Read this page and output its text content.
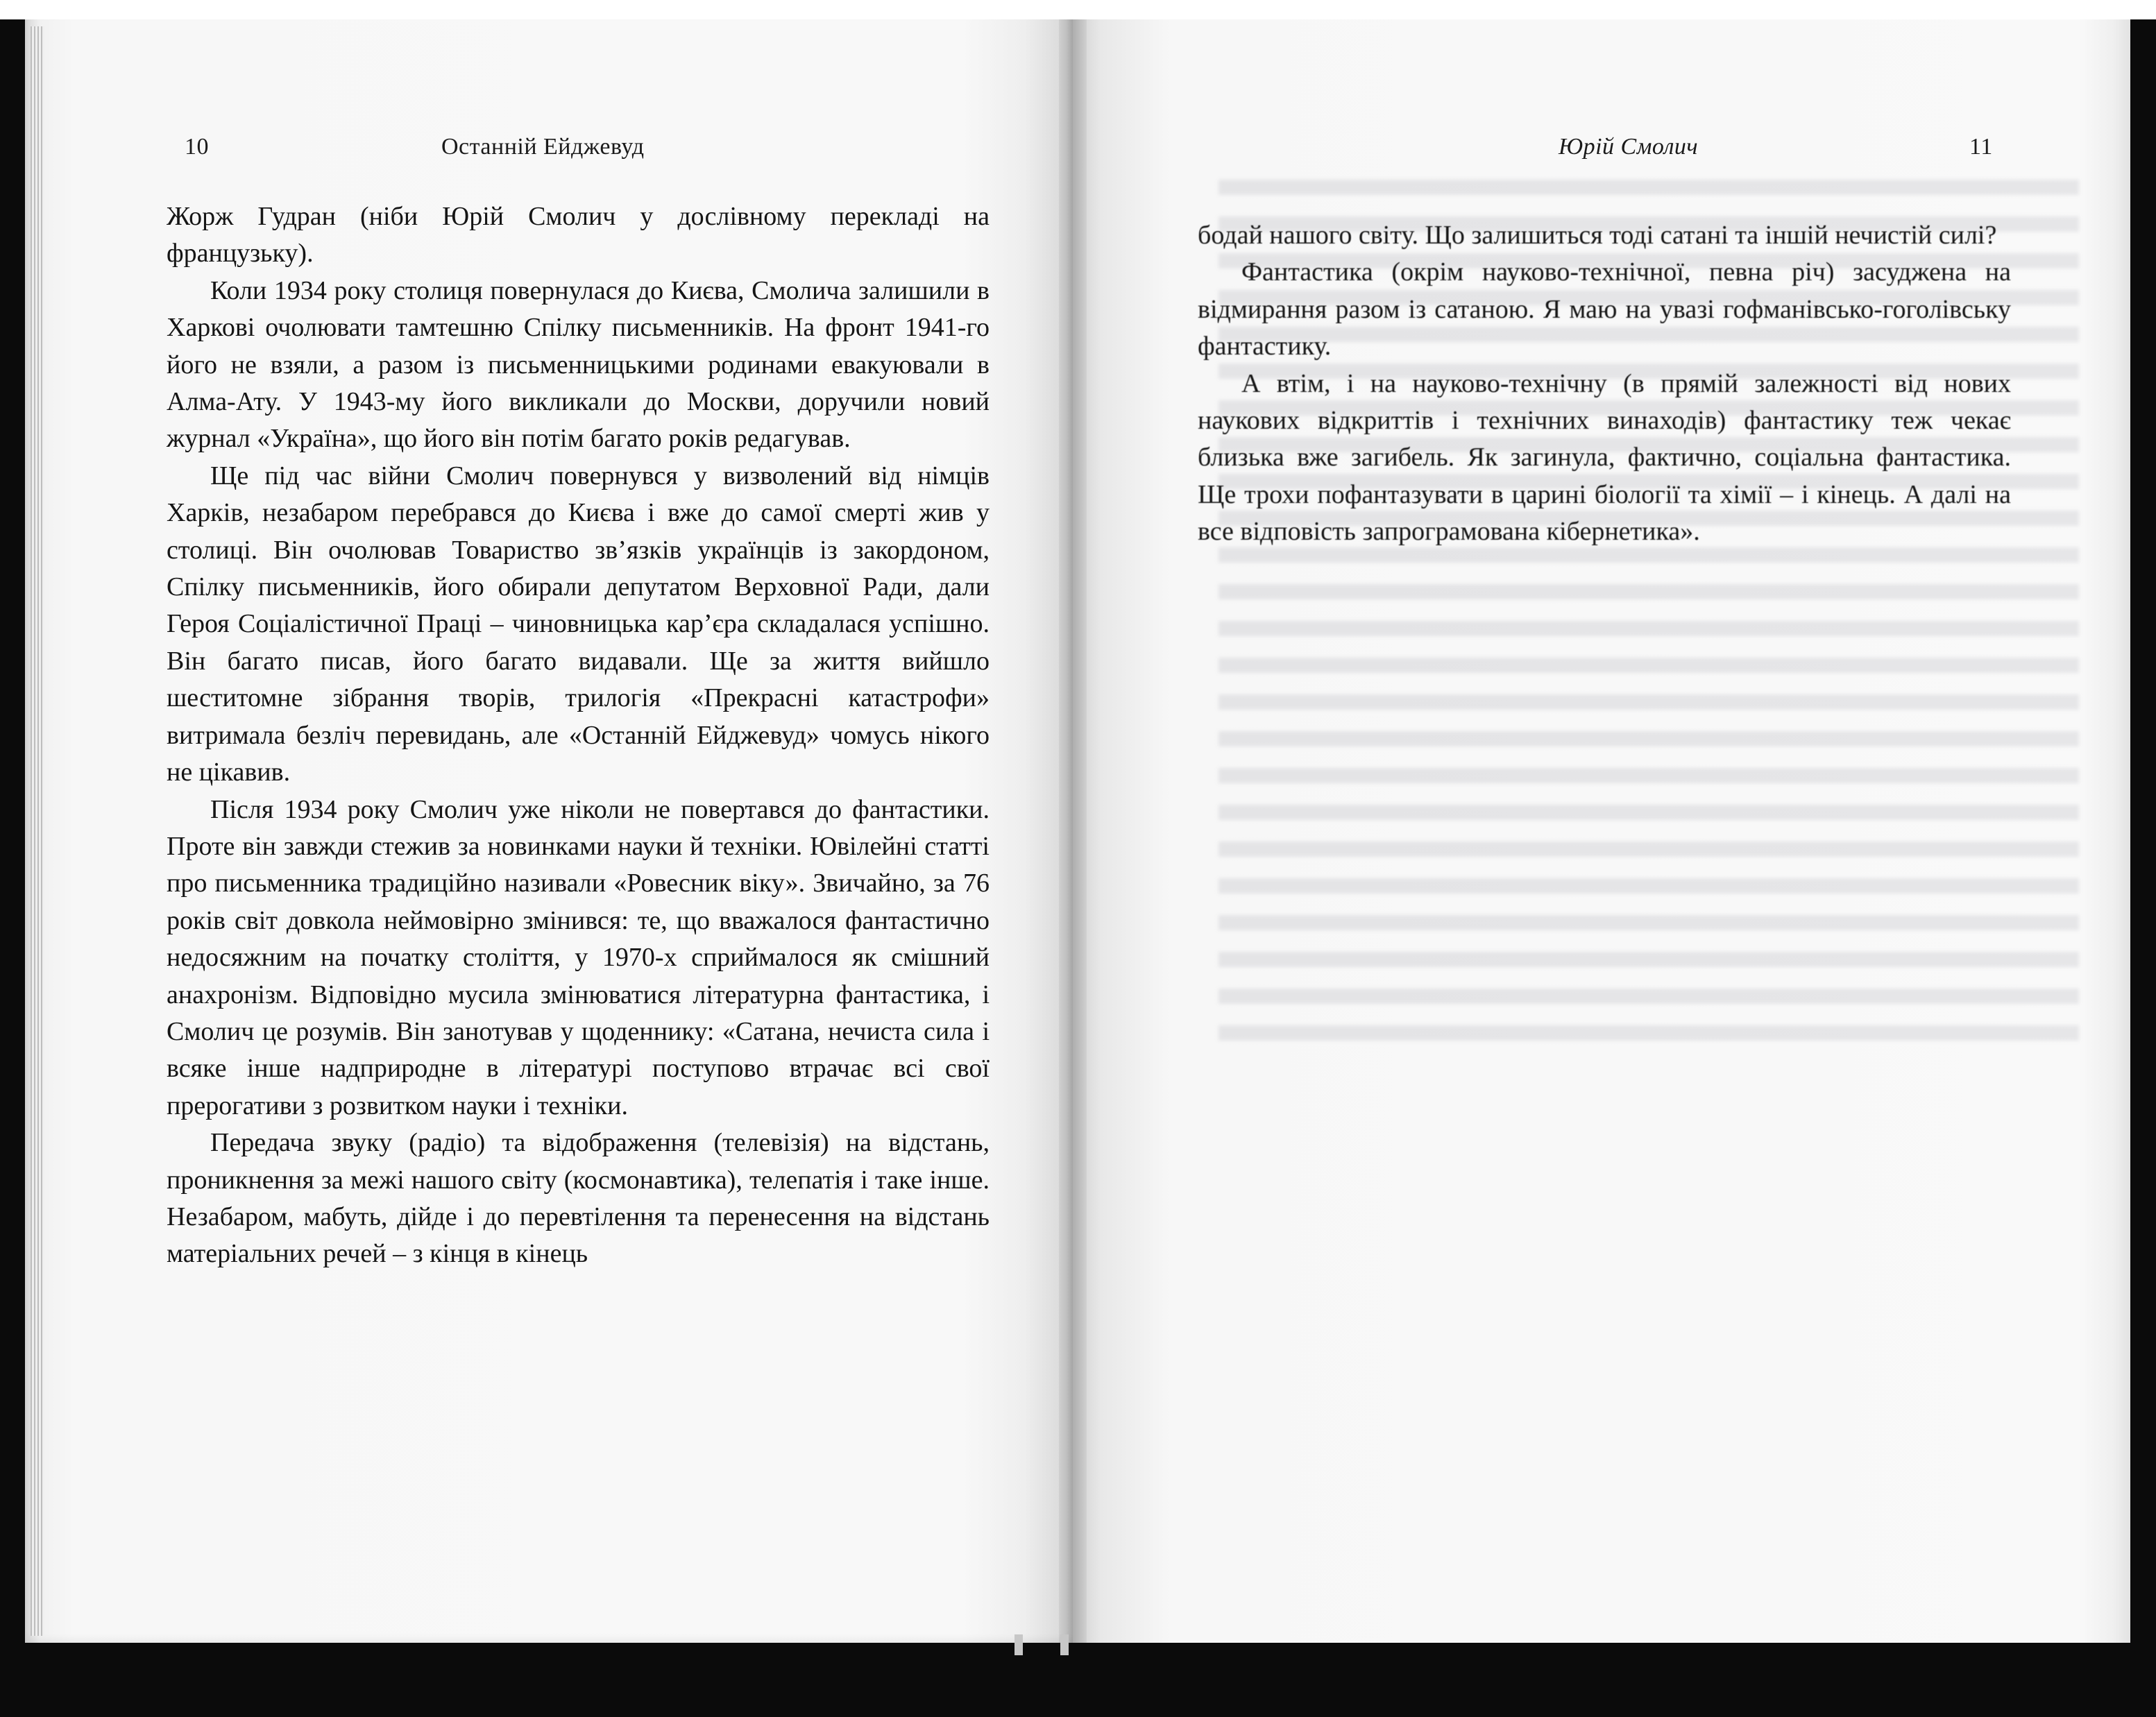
10	Останній Ейджевуд

Жорж Гудран (ніби Юрій Смолич у дослівному перекладі на французьку).

Коли 1934 року столиця повернулася до Києва, Смолича залишили в Харкові очолювати тамтешню Спілку письменників. На фронт 1941-го його не взяли, а разом із письменницькими родинами евакуювали в Алма-Ату. У 1943-му його викликали до Москви, доручили новий журнал «Україна», що його він потім багато років редагував.

Ще під час війни Смолич повернувся у визволений від німців Харків, незабаром перебрався до Києва і вже до самої смерті жив у столиці. Він очолював Товариство зв’язків українців із закордоном, Спілку письменників, його обирали депутатом Верховної Ради, дали Героя Соціалістичної Праці – чиновницька кар’єра складалася успішно. Він багато писав, його багато видавали. Ще за життя вийшло шеститомне зібрання творів, трилогія «Прекрасні катастрофи» витримала безліч перевидань, але «Останній Ейджевуд» чомусь нікого не цікавив.

Після 1934 року Смолич уже ніколи не повертався до фантастики. Проте він завжди стежив за новинками науки й техніки. Ювілейні статті про письменника традиційно називали «Ровесник віку». Звичайно, за 76 років світ довкола неймовірно змінився: те, що вважалося фантастично недосяжним на початку століття, у 1970-х сприймалося як смішний анахронізм. Відповідно мусила змінюватися літературна фантастика, і Смолич це розумів. Він занотував у щоденнику: «Сатана, нечиста сила і всяке інше надприродне в літературі поступово втрачає всі свої прерогативи з розвитком науки і техніки.

Передача звуку (радіо) та відображення (телевізія) на відстань, проникнення за межі нашого світу (космонавтика), телепатія і таке інше. Незабаром, мабуть, дійде і до перевтілення та перенесення на відстань матеріальних речей – з кінця в кінець

Юрій Смолич	11

бодай нашого світу. Що залишиться тоді сатані та іншій нечистій силі?

Фантастика (окрім науково-технічної, певна річ) засуджена на відмирання разом із сатаною. Я маю на увазі гофманівсько-гоголівську фантастику.

А втім, і на науково-технічну (в прямій залежності від нових наукових відкриттів і технічних винаходів) фантастику теж чекає близька вже загибель. Як загинула, фактично, соціальна фантастика. Ще трохи пофантазувати в царині біології та хімії – і кінець. А далі на все відповість запрограмована кібернетика».
